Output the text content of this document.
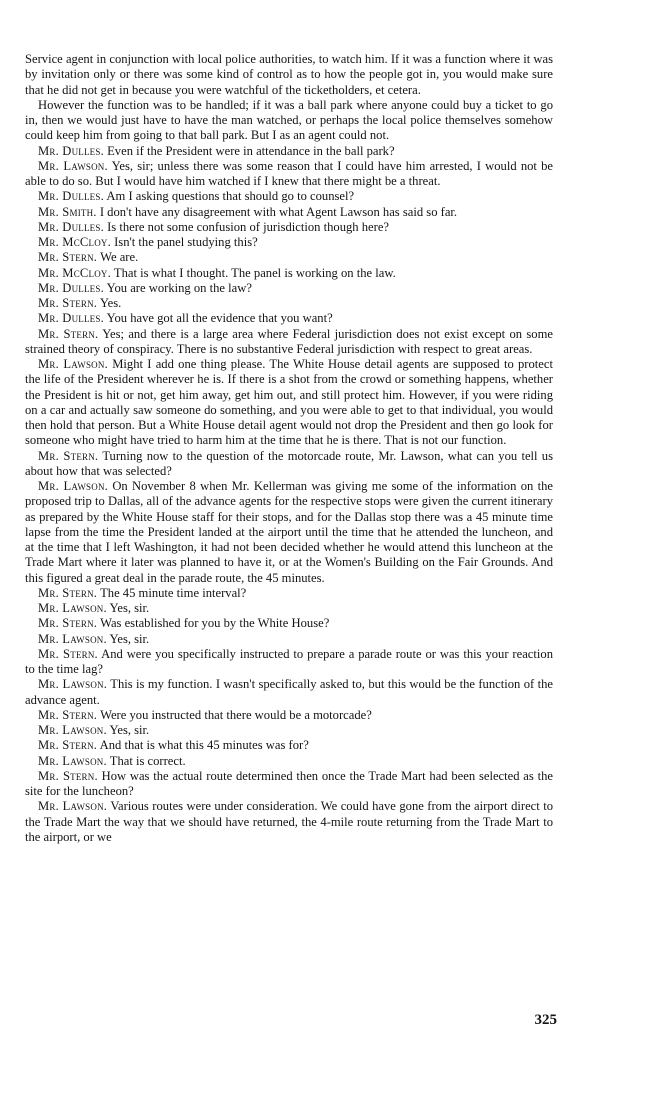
Service agent in conjunction with local police authorities, to watch him. If it was a function where it was by invitation only or there was some kind of control as to how the people got in, you would make sure that he did not get in because you were watchful of the ticketholders, et cetera.

However the function was to be handled; if it was a ball park where anyone could buy a ticket to go in, then we would just have to have the man watched, or perhaps the local police themselves somehow could keep him from going to that ball park. But I as an agent could not.

Mr. Dulles. Even if the President were in attendance in the ball park?

Mr. Lawson. Yes, sir; unless there was some reason that I could have him arrested, I would not be able to do so. But I would have him watched if I knew that there might be a threat.

Mr. Dulles. Am I asking questions that should go to counsel?

Mr. Smith. I don't have any disagreement with what Agent Lawson has said so far.

Mr. Dulles. Is there not some confusion of jurisdiction though here?

Mr. McCloy. Isn't the panel studying this?

Mr. Stern. We are.

Mr. McCloy. That is what I thought. The panel is working on the law.

Mr. Dulles. You are working on the law?

Mr. Stern. Yes.

Mr. Dulles. You have got all the evidence that you want?

Mr. Stern. Yes; and there is a large area where Federal jurisdiction does not exist except on some strained theory of conspiracy. There is no substantive Federal jurisdiction with respect to great areas.

Mr. Lawson. Might I add one thing please. The White House detail agents are supposed to protect the life of the President wherever he is. If there is a shot from the crowd or something happens, whether the President is hit or not, get him away, get him out, and still protect him. However, if you were riding on a car and actually saw someone do something, and you were able to get to that individual, you would then hold that person. But a White House detail agent would not drop the President and then go look for someone who might have tried to harm him at the time that he is there. That is not our function.

Mr. Stern. Turning now to the question of the motorcade route, Mr. Lawson, what can you tell us about how that was selected?

Mr. Lawson. On November 8 when Mr. Kellerman was giving me some of the information on the proposed trip to Dallas, all of the advance agents for the respective stops were given the current itinerary as prepared by the White House staff for their stops, and for the Dallas stop there was a 45 minute time lapse from the time the President landed at the airport until the time that he attended the luncheon, and at the time that I left Washington, it had not been decided whether he would attend this luncheon at the Trade Mart where it later was planned to have it, or at the Women's Building on the Fair Grounds. And this figured a great deal in the parade route, the 45 minutes.

Mr. Stern. The 45 minute time interval?

Mr. Lawson. Yes, sir.

Mr. Stern. Was established for you by the White House?

Mr. Lawson. Yes, sir.

Mr. Stern. And were you specifically instructed to prepare a parade route or was this your reaction to the time lag?

Mr. Lawson. This is my function. I wasn't specifically asked to, but this would be the function of the advance agent.

Mr. Stern. Were you instructed that there would be a motorcade?

Mr. Lawson. Yes, sir.

Mr. Stern. And that is what this 45 minutes was for?

Mr. Lawson. That is correct.

Mr. Stern. How was the actual route determined then once the Trade Mart had been selected as the site for the luncheon?

Mr. Lawson. Various routes were under consideration. We could have gone from the airport direct to the Trade Mart the way that we should have returned, the 4-mile route returning from the Trade Mart to the airport, or we

325
